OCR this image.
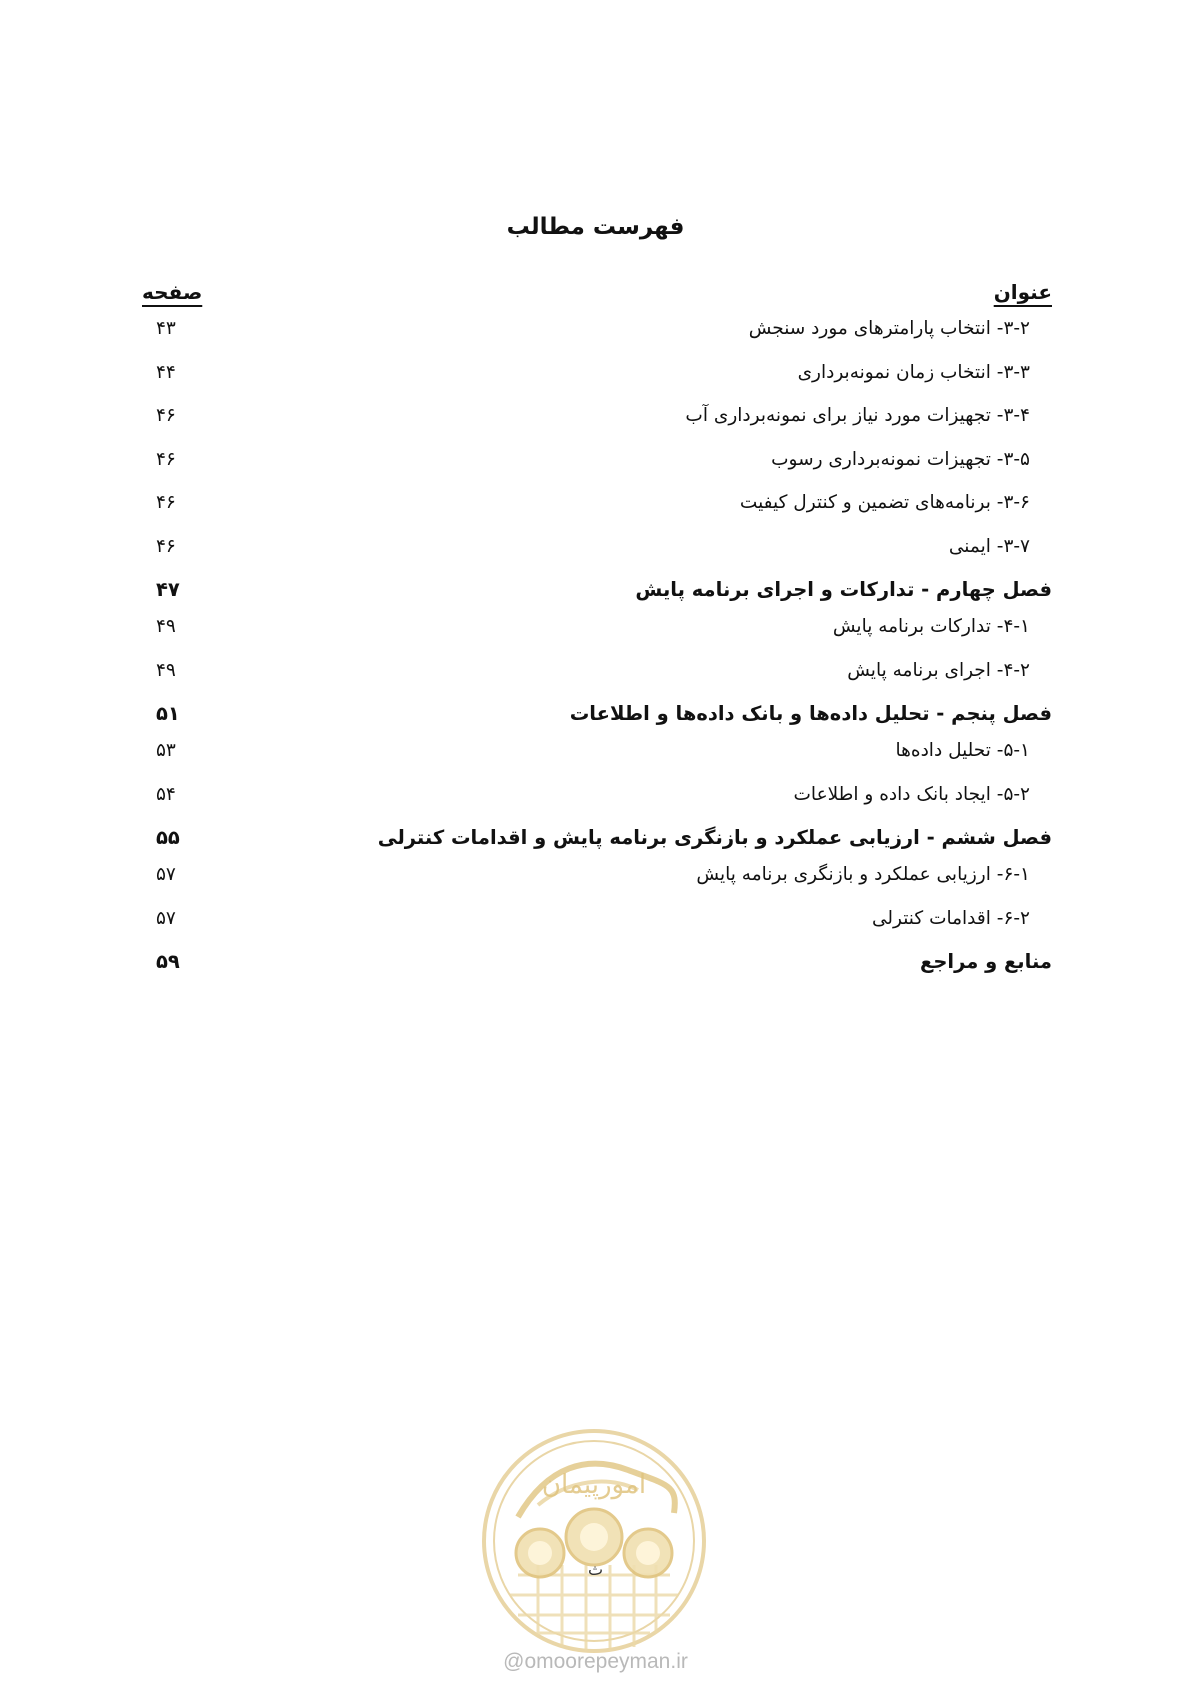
فهرست مطالب
عنوان
صفحه
۳-۲- انتخاب پارامترهای مورد سنجش
۴۳
۳-۳- انتخاب زمان نمونه‌برداری
۴۴
۳-۴- تجهیزات مورد نیاز برای نمونه‌برداری آب
۴۶
۳-۵- تجهیزات نمونه‌برداری رسوب
۴۶
۳-۶- برنامه‌های تضمین و کنترل کیفیت
۴۶
۳-۷- ایمنی
۴۶
فصل چهارم - تدارکات و اجرای برنامه پایش
۴۷
۴-۱- تدارکات برنامه پایش
۴۹
۴-۲- اجرای برنامه پایش
۴۹
فصل پنجم - تحلیل داده‌ها و بانک داده‌ها و اطلاعات
۵۱
۵-۱- تحلیل داده‌ها
۵۳
۵-۲- ایجاد بانک داده و اطلاعات
۵۴
فصل ششم - ارزیابی عملکرد و بازنگری برنامه پایش و اقدامات کنترلی
۵۵
۶-۱- ارزیابی عملکرد و بازنگری برنامه پایش
۵۷
۶-۲- اقدامات کنترلی
۵۷
منابع و مراجع
۵۹
امورپیمان
ث
@omoorepeyman.ir
